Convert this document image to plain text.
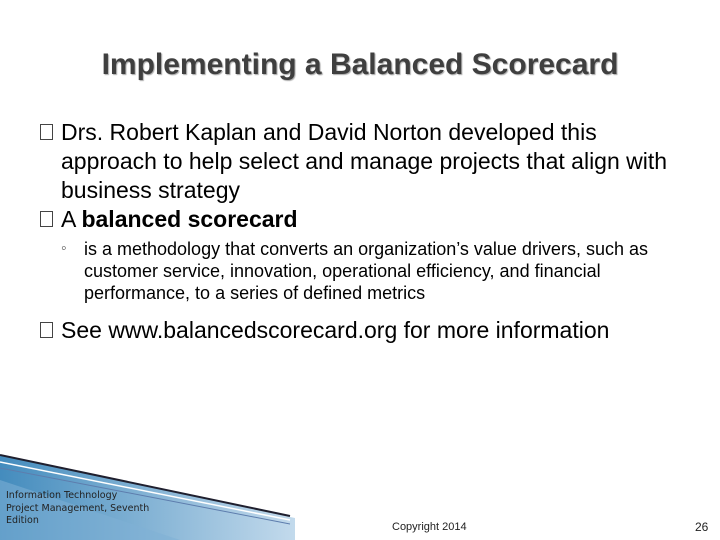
Implementing a Balanced Scorecard
Drs. Robert Kaplan and David Norton developed this approach to help select and manage projects that align with business strategy
A balanced scorecard
◦ is a methodology that converts an organization’s value drivers, such as customer service, innovation, operational efficiency, and financial performance, to a series of defined metrics
See www.balancedscorecard.org for more information
Information Technology
Project Management, Seventh
Edition
Copyright 2014	26
